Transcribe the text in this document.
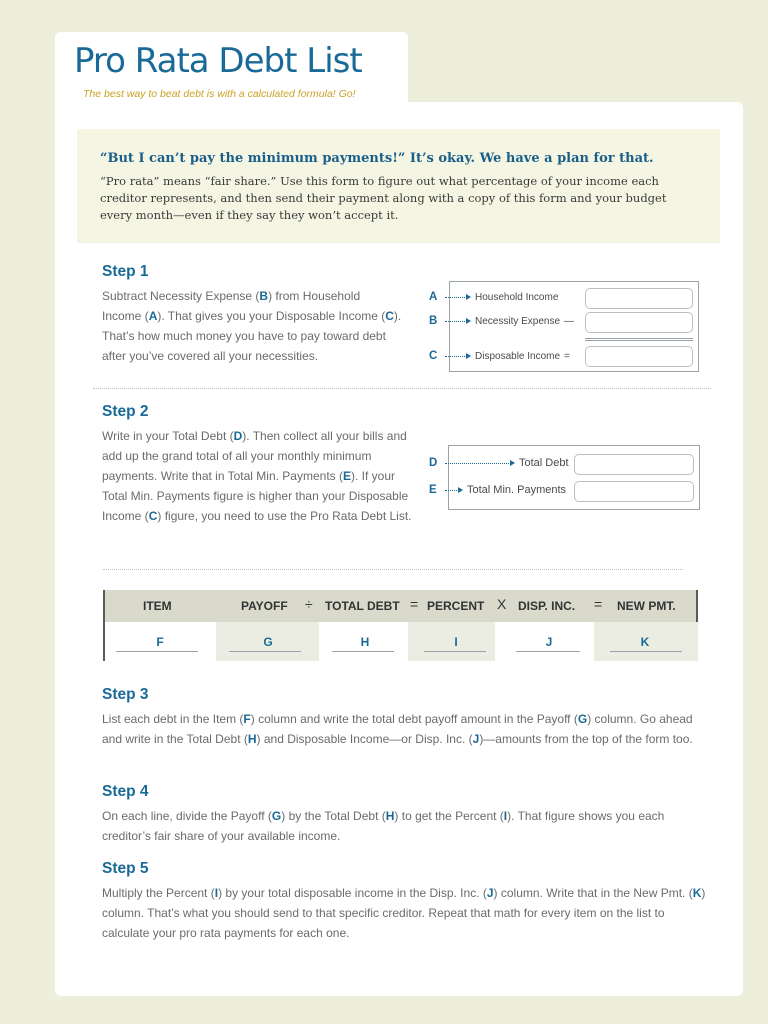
Pro Rata Debt List
The best way to beat debt is with a calculated formula! Go!
“But I can’t pay the minimum payments!” It’s okay. We have a plan for that.
“Pro rata” means “fair share.” Use this form to figure out what percentage of your income each creditor represents, and then send their payment along with a copy of this form and your budget every month—even if they say they won’t accept it.
Step 1

Subtract Necessity Expense (B) from Household Income (A). That gives you your Disposable Income (C). That’s how much money you have to pay toward debt after you’ve covered all your necessities.

A	Household Income
B	Necessity Expense —
C	Disposable Income =
Step 2

Write in your Total Debt (D). Then collect all your bills and add up the grand total of all your monthly minimum payments. Write that in Total Min. Payments (E). If your Total Min. Payments figure is higher than your Disposable Income (C) figure, you need to use the Pro Rata Debt List.

D	Total Debt
E	Total Min. Payments
ITEM	PAYOFF ÷ TOTAL DEBT = PERCENT X DISP. INC. = NEW PMT.
F	G	H	I	J	K
Step 3

List each debt in the Item (F) column and write the total debt payoff amount in the Payoff (G) column. Go ahead and write in the Total Debt (H) and Disposable Income—or Disp. Inc. (J)—amounts from the top of the form too.

Step 4

On each line, divide the Payoff (G) by the Total Debt (H) to get the Percent (I). That figure shows you each creditor’s fair share of your available income.

Step 5

Multiply the Percent (I) by your total disposable income in the Disp. Inc. (J) column. Write that in the New Pmt. (K) column. That’s what you should send to that specific creditor. Repeat that math for every item on the list to calculate your pro rata payments for each one.
